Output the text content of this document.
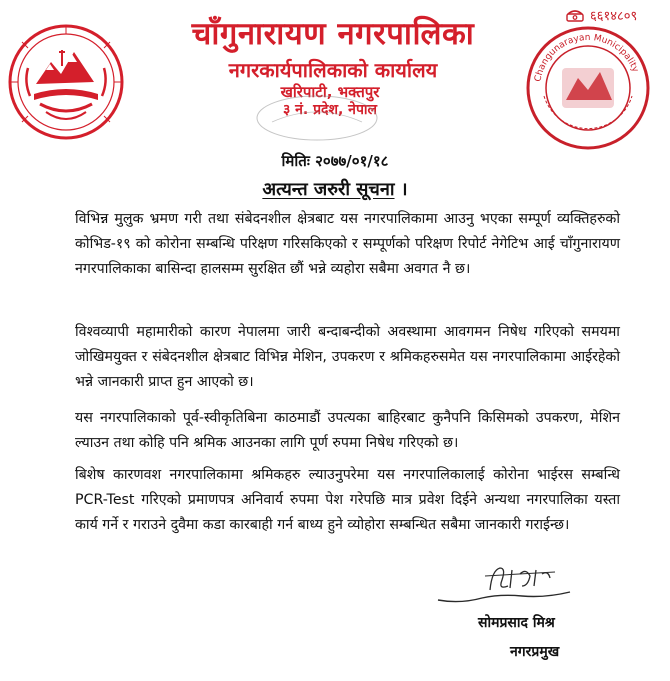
६६१४८०९
चाँगुनारायण नगरपालिका
नगरकार्यपालिकाको कार्यालय
खरिपाटी, भक्तपुर
३ नं. प्रदेश, नेपाल
Changunarayan Municipality
मितिः २०७७/०१/१८
अत्यन्त जरुरी सूचना ।
विभिन्न मुलुक भ्रमण गरी तथा संबेदनशील क्षेत्रबाट यस नगरपालिकामा आउनु भएका सम्पूर्ण व्यक्तिहरुको कोभिड-१९ को कोरोना सम्बन्धि परिक्षण गरिसकिएको र सम्पूर्णको परिक्षण रिपोर्ट नेगेटिभ आई चाँगुनारायण नगरपालिकाका बासिन्दा हालसम्म सुरक्षित छौं भन्ने व्यहोरा सबैमा अवगत नै छ।
विश्वव्यापी महामारीको कारण नेपालमा जारी बन्दाबन्दीको अवस्थामा आवगमन निषेध गरिएको समयमा जोखिमयुक्त र संबेदनशील क्षेत्रबाट विभिन्न मेशिन, उपकरण र श्रमिकहरुसमेत यस नगरपालिकामा आईरहेको भन्ने जानकारी प्राप्त हुन आएको छ।
यस नगरपालिकाको पूर्व-स्वीकृतिबिना काठमाडौं उपत्यका बाहिरबाट कुनैपनि किसिमको उपकरण, मेशिन ल्याउन तथा कोहि पनि श्रमिक आउनका लागि पूर्ण रुपमा निषेध गरिएको छ।
बिशेष कारणवश नगरपालिकामा श्रमिकहरु ल्याउनुपरेमा यस नगरपालिकालाई कोरोना भाईरस सम्बन्धि PCR-Test गरिएको प्रमाणपत्र अनिवार्य रुपमा पेश गरेपछि मात्र प्रवेश दिईने अन्यथा नगरपालिका यस्ता कार्य गर्ने र गराउने दुवैमा कडा कारबाही गर्न बाध्य हुने व्योहोरा सम्बन्धित सबैमा जानकारी गराईन्छ।
सोमप्रसाद मिश्र
नगरप्रमुख
